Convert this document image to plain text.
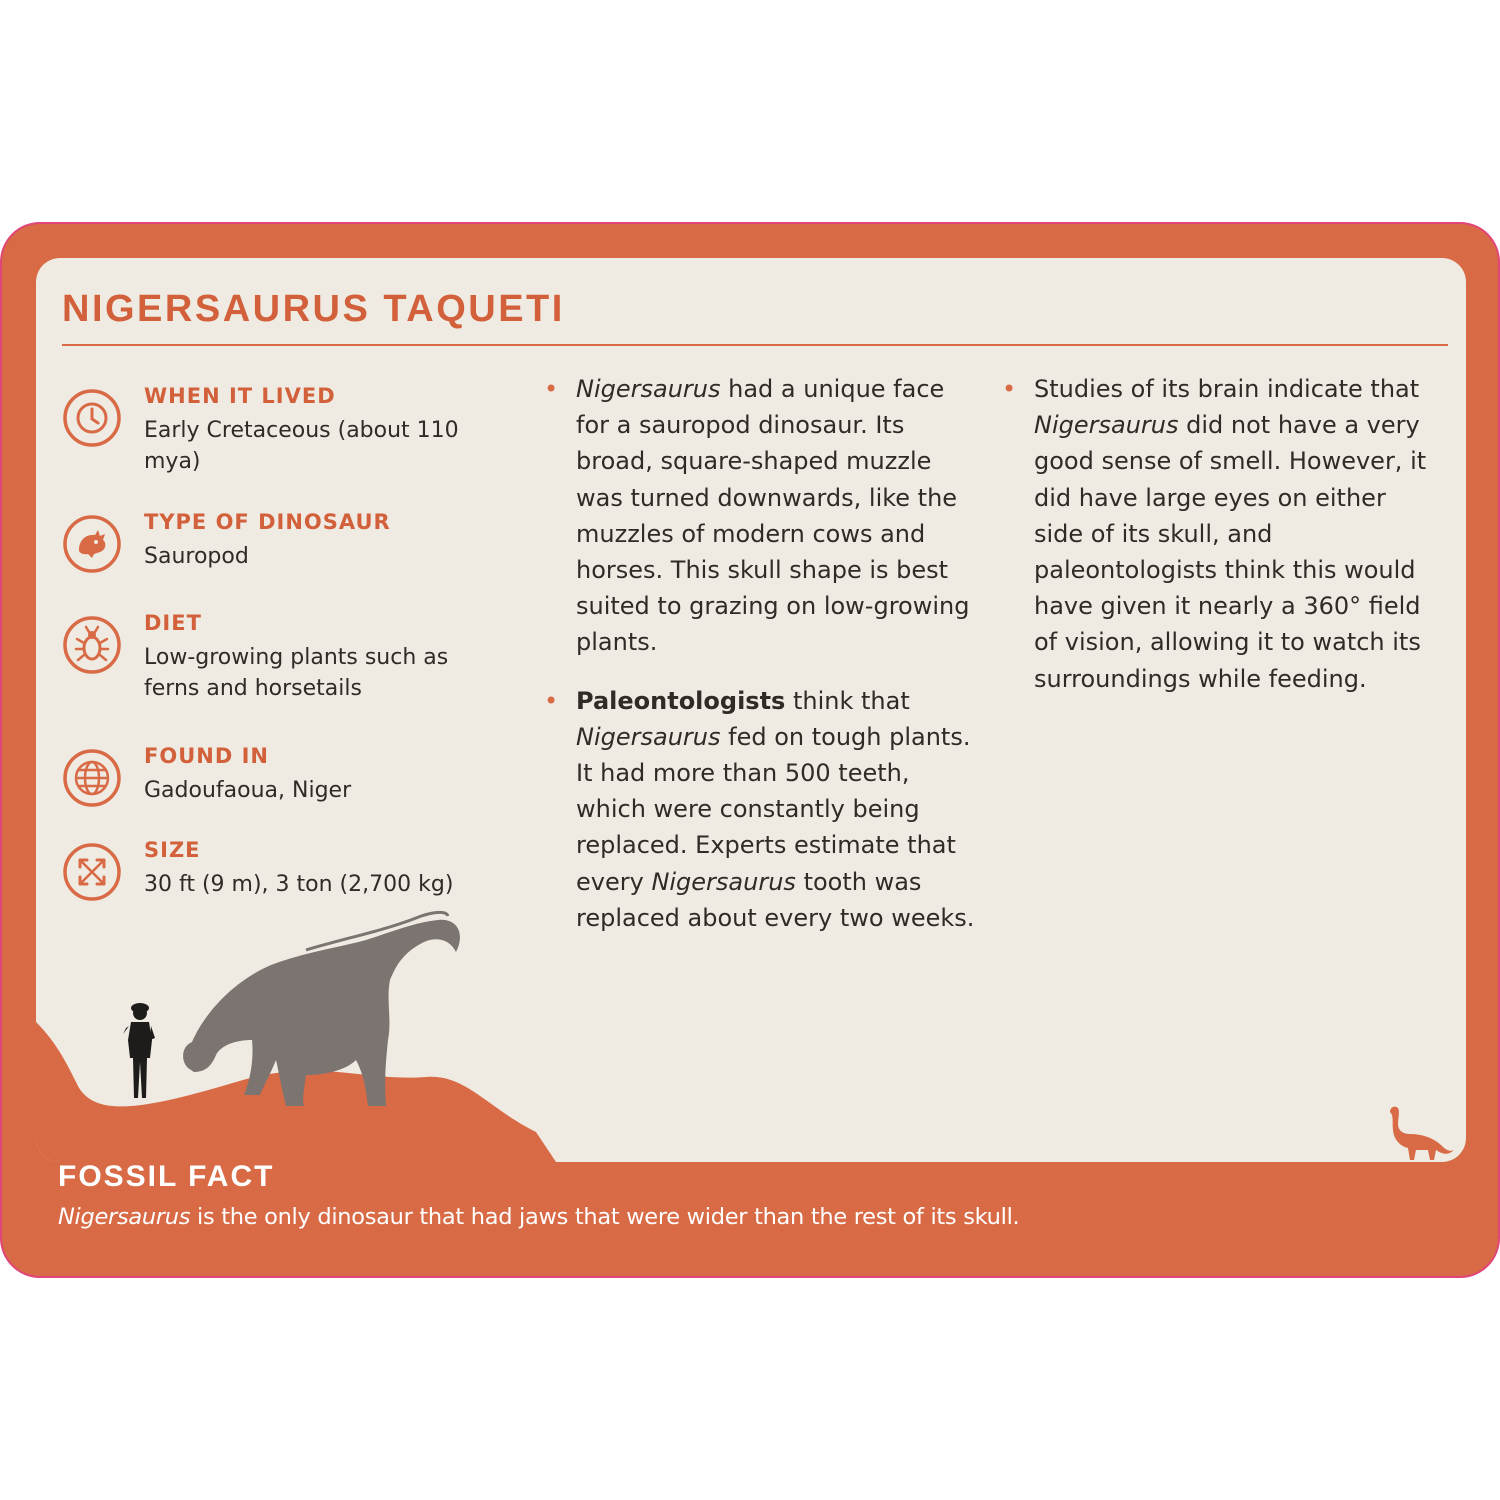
NIGERSAURUS TAQUETI
WHEN IT LIVED
Early Cretaceous (about 110 mya)
TYPE OF DINOSAUR
Sauropod
DIET
Low-growing plants such as ferns and horsetails
FOUND IN
Gadoufaoua, Niger
SIZE
30 ft (9 m), 3 ton (2,700 kg)
• Nigersaurus had a unique face for a sauropod dinosaur. Its broad, square-shaped muzzle was turned downwards, like the muzzles of modern cows and horses. This skull shape is best suited to grazing on low-growing plants.
• Paleontologists think that Nigersaurus fed on tough plants. It had more than 500 teeth, which were constantly being replaced. Experts estimate that every Nigersaurus tooth was replaced about every two weeks.
• Studies of its brain indicate that Nigersaurus did not have a very good sense of smell. However, it did have large eyes on either side of its skull, and paleontologists think this would have given it nearly a 360° field of vision, allowing it to watch its surroundings while feeding.
FOSSIL FACT
Nigersaurus is the only dinosaur that had jaws that were wider than the rest of its skull.
